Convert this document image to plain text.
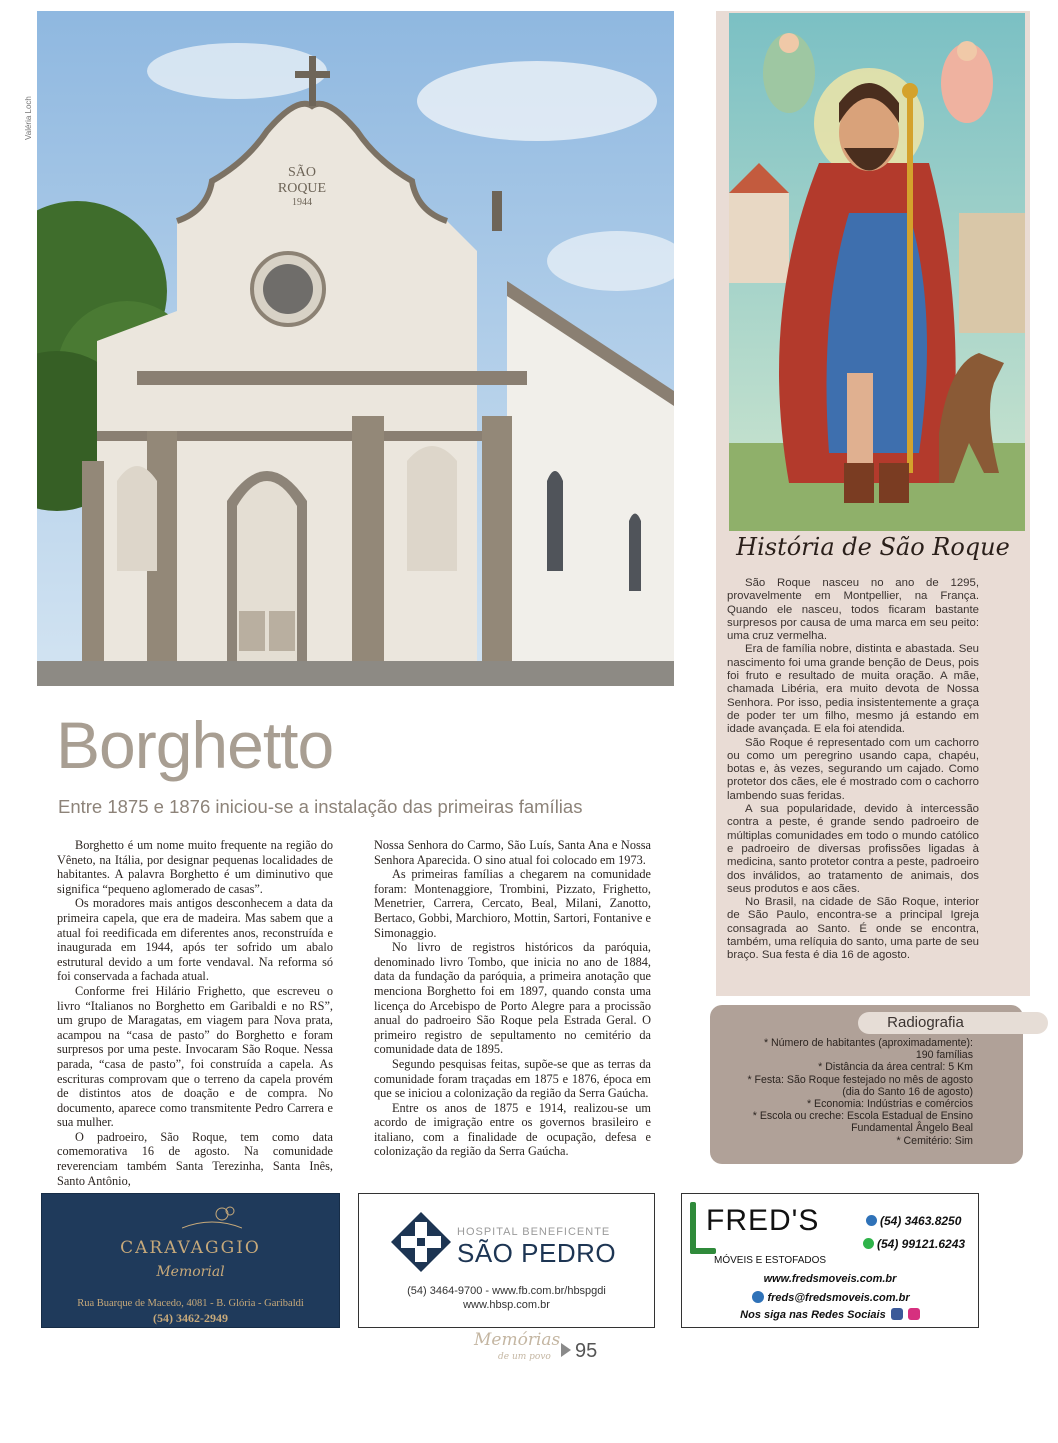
Valéria Loch
SÃO
ROQUE
1944
História de São Roque

São Roque nasceu no ano de 1295, provavelmente em Montpellier, na França. Quando ele nasceu, todos ficaram bastante surpresos por causa de uma marca em seu peito: uma cruz vermelha.

Era de família nobre, distinta e abastada. Seu nascimento foi uma grande benção de Deus, pois foi fruto e resultado de muita oração. A mãe, chamada Libéria, era muito devota de Nossa Senhora. Por isso, pedia insistentemente a graça de poder ter um filho, mesmo já estando em idade avançada. E ela foi atendida.

São Roque é representado com um cachorro ou como um peregrino usando capa, chapéu, botas e, às vezes, segurando um cajado. Como protetor dos cães, ele é mostrado com o cachorro lambendo suas feridas.

A sua popularidade, devido à intercessão contra a peste, é grande sendo padroeiro de múltiplas comunidades em todo o mundo católico e padroeiro de diversas profissões ligadas à medicina, santo protetor contra a peste, padroeiro dos inválidos, ao tratamento de animais, dos seus produtos e aos cães.

No Brasil, na cidade de São Roque, interior de São Paulo, encontra-se a principal Igreja consagrada ao Santo. É onde se encontra, também, uma relíquia do santo, uma parte de seu braço. Sua festa é dia 16 de agosto.

Borghetto
Entre 1875 e 1876 iniciou-se a instalação das primeiras famílias

Borghetto é um nome muito frequente na região do Vêneto, na Itália, por designar pequenas localidades de habitantes. A palavra Borghetto é um diminutivo que significa “pequeno aglomerado de casas”.

Os moradores mais antigos desconhecem a data da primeira capela, que era de madeira. Mas sabem que a atual foi reedificada em diferentes anos, reconstruída e inaugurada em 1944, após ter sofrido um abalo estrutural devido a um forte vendaval. Na reforma só foi conservada a fachada atual.

Conforme frei Hilário Frighetto, que escreveu o livro “Italianos no Borghetto em Garibaldi e no RS”, um grupo de Maragatas, em viagem para Nova prata, acampou na “casa de pasto” do Borghetto e foram surpresos por uma peste. Invocaram São Roque. Nessa parada, “casa de pasto”, foi construída a capela. As escrituras comprovam que o terreno da capela provém de distintos atos de doação e de compra. No documento, aparece como transmitente Pedro Carrera e sua mulher.

O padroeiro, São Roque, tem como data comemorativa 16 de agosto. Na comunidade reverenciam também Santa Terezinha, Santa Inês, Santo Antônio,

Nossa Senhora do Carmo, São Luís, Santa Ana e Nossa Senhora Aparecida. O sino atual foi colocado em 1973.

As primeiras famílias a chegarem na comunidade foram: Montenaggiore, Trombini, Pizzato, Frighetto, Menetrier, Carrera, Cercato, Beal, Milani, Zanotto, Bertaco, Gobbi, Marchioro, Mottin, Sartori, Fontanive e Simonaggio.

No livro de registros históricos da paróquia, denominado livro Tombo, que inicia no ano de 1884, data da fundação da paróquia, a primeira anotação que menciona Borghetto foi em 1897, quando consta uma licença do Arcebispo de Porto Alegre para a procissão anual do padroeiro São Roque pela Estrada Geral. O primeiro registro de sepultamento no cemitério da comunidade data de 1895.

Segundo pesquisas feitas, supõe-se que as terras da comunidade foram traçadas em 1875 e 1876, época em que se iniciou a colonização da região da Serra Gaúcha.

Entre os anos de 1875 e 1914, realizou-se um acordo de imigração entre os governos brasileiro e italiano, com a finalidade de ocupação, defesa e colonização da região da Serra Gaúcha.

Radiografia
* Número de habitantes (aproximadamente):
190 famílias
* Distância da área central: 5 Km
* Festa: São Roque festejado no mês de agosto
(dia do Santo 16 de agosto)
* Economia: Indústrias e comércios
* Escola ou creche: Escola Estadual de Ensino
Fundamental Ângelo Beal
* Cemitério: Sim
CARAVAGGIO
Memorial
Rua Buarque de Macedo, 4081 - B. Glória - Garibaldi
(54) 3462-2949
HOSPITAL BENEFICENTE
SÃO PEDRO
(54) 3464-9700 - www.fb.com.br/hbspgdi
www.hbsp.com.br
FRED'S
MÓVEIS E ESTOFADOS
(54) 3463.8250
(54) 99121.6243
www.fredsmoveis.com.br
freds@fredsmoveis.com.br
Nos siga nas Redes Sociais
Memórias
de um povo 95
